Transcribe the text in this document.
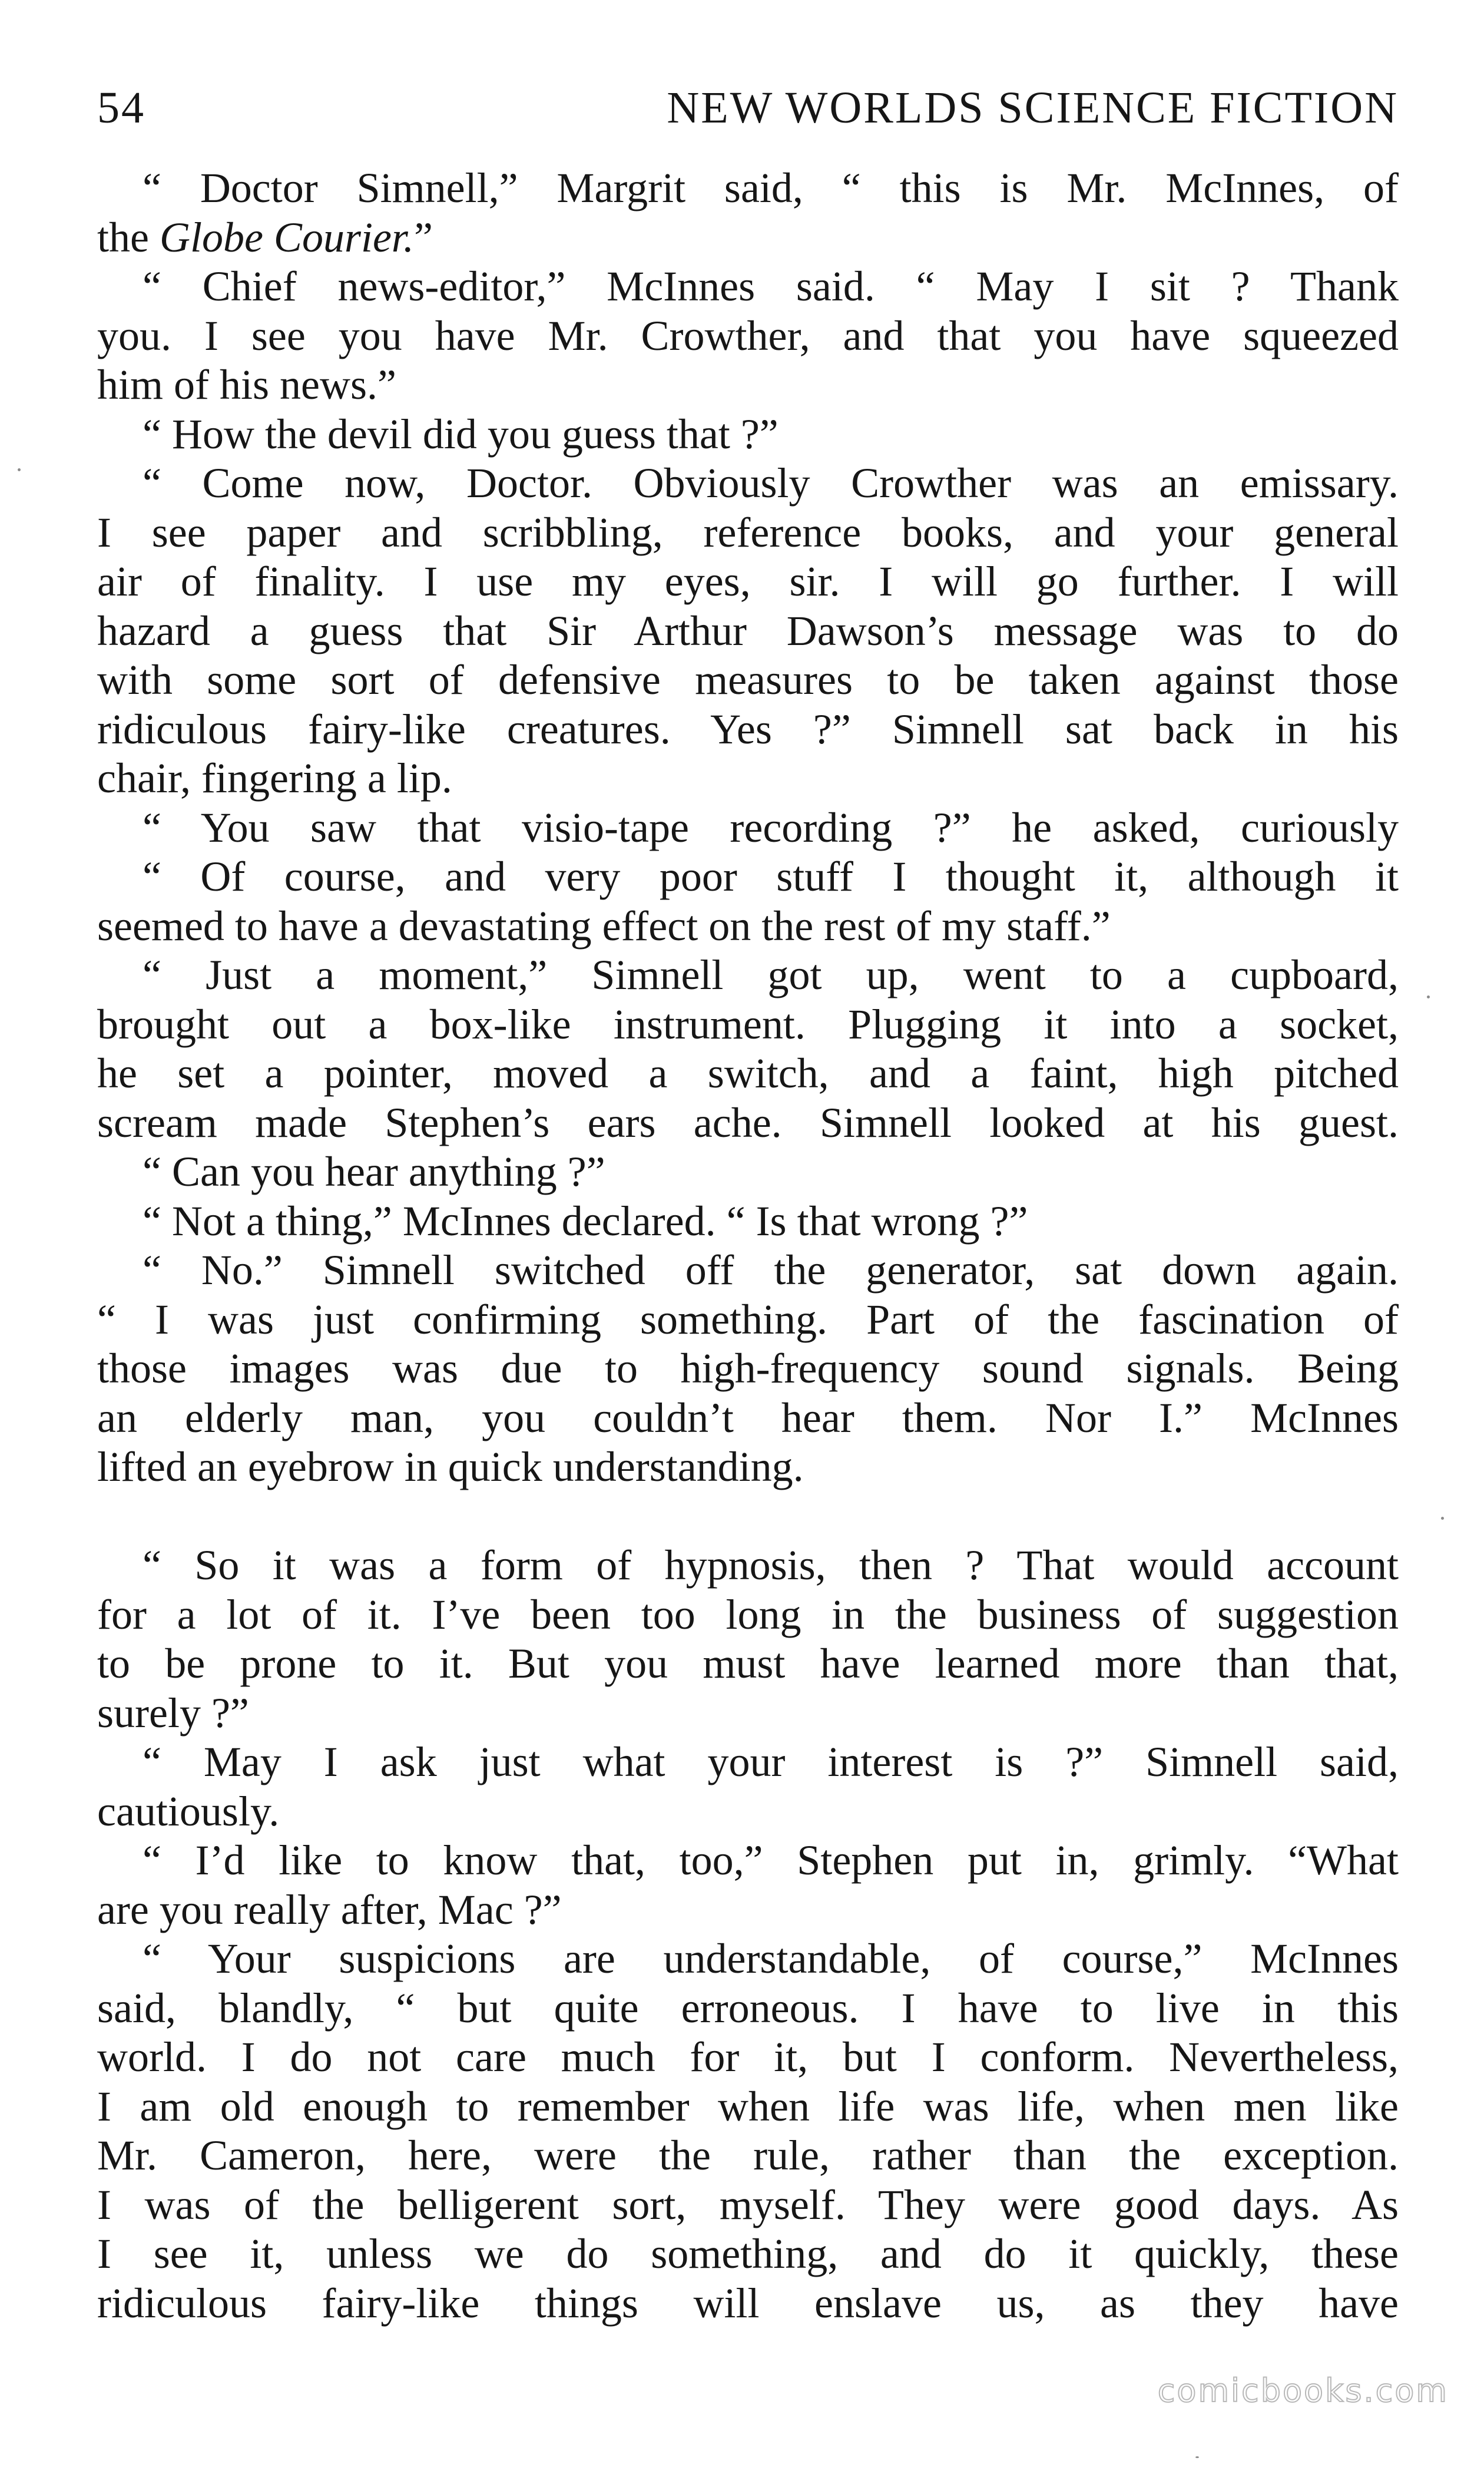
54	NEW WORLDS SCIENCE FICTION
“ Doctor Simnell,” Margrit said, “ this is Mr. McInnes, of
the Globe Courier.”
“ Chief news-editor,” McInnes said. “ May I sit ? Thank
you. I see you have Mr. Crowther, and that you have squeezed
him of his news.”
“ How the devil did you guess that ?”
“ Come now, Doctor. Obviously Crowther was an emissary.
I see paper and scribbling, reference books, and your general
air of finality. I use my eyes, sir. I will go further. I will
hazard a guess that Sir Arthur Dawson’s message was to do
with some sort of defensive measures to be taken against those
ridiculous fairy-like creatures. Yes ?” Simnell sat back in his
chair, fingering a lip.
“ You saw that visio-tape recording ?” he asked, curiously
“ Of course, and very poor stuff I thought it, although it
seemed to have a devastating effect on the rest of my staff.”
“ Just a moment,” Simnell got up, went to a cupboard,
brought out a box-like instrument. Plugging it into a socket,
he set a pointer, moved a switch, and a faint, high pitched
scream made Stephen’s ears ache. Simnell looked at his guest.
“ Can you hear anything ?”
“ Not a thing,” McInnes declared. “ Is that wrong ?”
“ No.” Simnell switched off the generator, sat down again.
“ I was just confirming something. Part of the fascination of
those images was due to high-frequency sound signals. Being
an elderly man, you couldn’t hear them. Nor I.” McInnes
lifted an eyebrow in quick understanding.
“ So it was a form of hypnosis, then ? That would account
for a lot of it. I’ve been too long in the business of suggestion
to be prone to it. But you must have learned more than that,
surely ?”
“ May I ask just what your interest is ?” Simnell said,
cautiously.
“ I’d like to know that, too,” Stephen put in, grimly. “What
are you really after, Mac ?”
“ Your suspicions are understandable, of course,” McInnes
said, blandly, “ but quite erroneous. I have to live in this
world. I do not care much for it, but I conform. Nevertheless,
I am old enough to remember when life was life, when men like
Mr. Cameron, here, were the rule, rather than the exception.
I was of the belligerent sort, myself. They were good days. As
I see it, unless we do something, and do it quickly, these
ridiculous fairy-like things will enslave us, as they have
comicbooks.com
